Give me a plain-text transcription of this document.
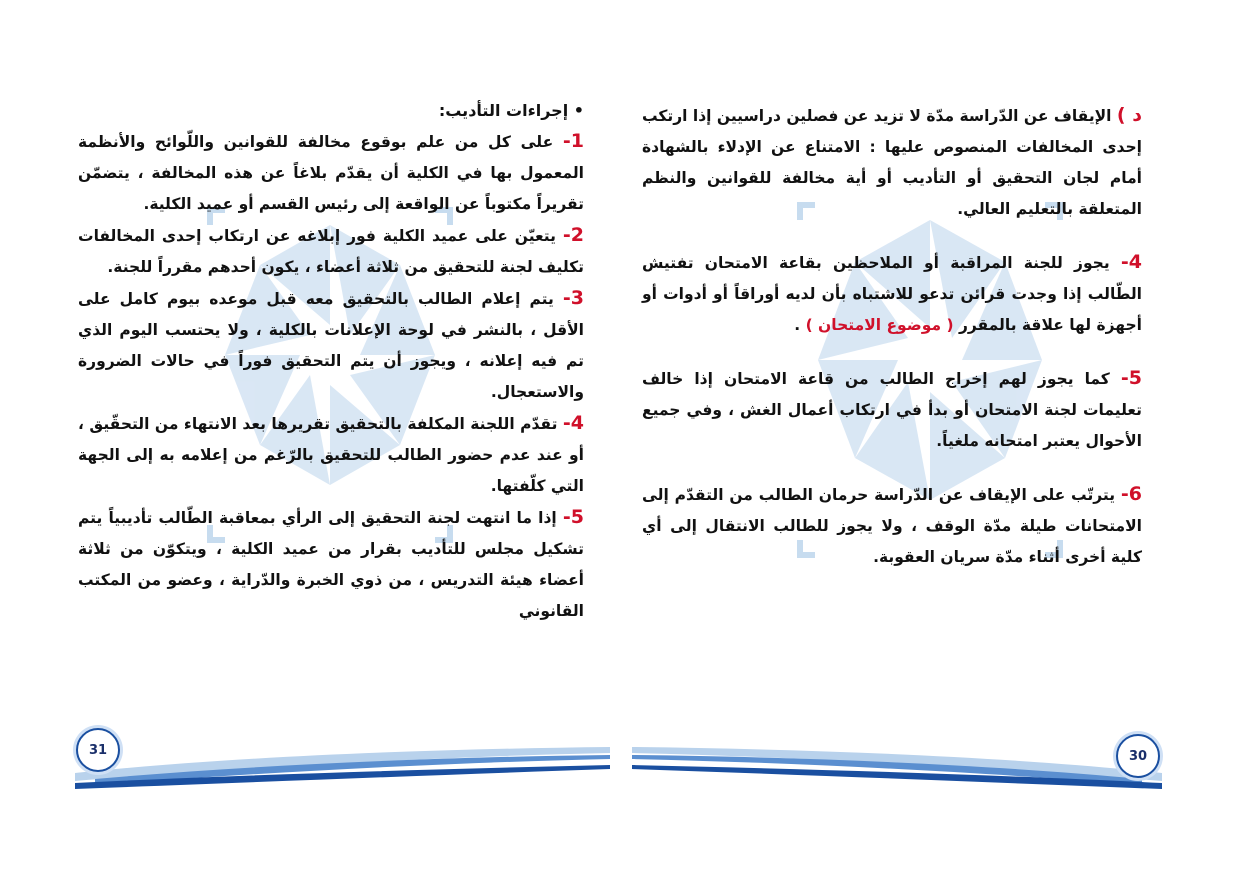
• إجراءات التأديب:

1- على كل من علم بوقوع مخالفة للقوانين واللّوائح والأنظمة المعمول بها في الكلية أن يقدّم بلاغاً عن هذه المخالفة ، يتضمّن تقريراً مكتوباً عن الواقعة إلى رئيس القسم أو عميد الكلية.

2- يتعيّن على عميد الكلية فور إبلاغه عن ارتكاب إحدى المخالفات تكليف لجنة للتحقيق من ثلاثة أعضاء ، يكون أحدهم مقرراً للجنة.

3- يتم إعلام الطالب بالتحقيق معه قبل موعده بيوم كامل على الأقل ، بالنشر في لوحة الإعلانات بالكلية ، ولا يحتسب اليوم الذي تم فيه إعلانه ، ويجوز أن يتم التحقيق فوراً في حالات الضرورة والاستعجال.

4- تقدّم اللجنة المكلفة بالتحقيق تقريرها بعد الانتهاء من التحقّيق ، أو عند عدم حضور الطالب للتحقيق بالرّغم من إعلامه به إلى الجهة التي كلّفتها.

5- إذا ما انتهت لجنة التحقيق إلى الرأي بمعاقبة الطّالب تأديبياً يتم تشكيل مجلس للتأديب بقرار من عميد الكلية ، ويتكوّن من ثلاثة أعضاء هيئة التدريس ، من ذوي الخبرة والدّراية ، وعضو من المكتب القانوني

31

د ) الإيقاف عن الدّراسة مدّة لا تزيد عن فصلين دراسيين إذا ارتكب إحدى المخالفات المنصوص عليها : الامتناع عن الإدلاء بالشهادة أمام لجان التحقيق أو التأديب أو أية مخالفة للقوانين والنظم المتعلقة بالتعليم العالي.

4- يجوز للجنة المراقبة أو الملاحظين بقاعة الامتحان تفتيش الطّالب إذا وجدت قرائن تدعو للاشتباه بأن لديه أوراقاً أو أدوات أو أجهزة لها علاقة بالمقرر ( موضوع الامتحان ) .

5- كما يجوز لهم إخراج الطالب من قاعة الامتحان إذا خالف تعليمات لجنة الامتحان أو بدأ في ارتكاب أعمال الغش ، وفي جميع الأحوال يعتبر امتحانه ملغياً.

6- يترتّب على الإيقاف عن الدّراسة حرمان الطالب من التقدّم إلى الامتحانات طيلة مدّة الوقف ، ولا يجوز للطالب الانتقال إلى أي كلية أخرى أثناء مدّة سريان العقوبة.

30
